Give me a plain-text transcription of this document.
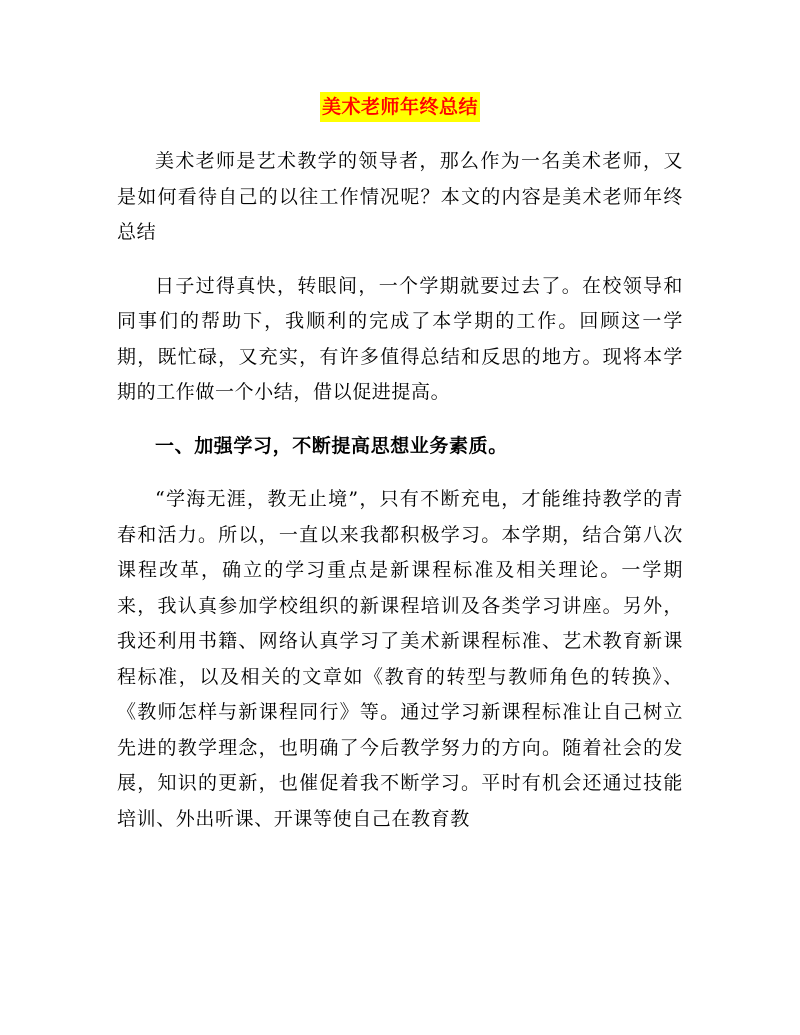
美术老师年终总结

美术老师是艺术教学的领导者，那么作为一名美术老师，又是如何看待自己的以往工作情况呢？本文的内容是美术老师年终总结

日子过得真快，转眼间，一个学期就要过去了。在校领导和同事们的帮助下，我顺利的完成了本学期的工作。回顾这一学期，既忙碌，又充实，有许多值得总结和反思的地方。现将本学期的工作做一个小结，借以促进提高。

一、加强学习，不断提高思想业务素质。

“学海无涯，教无止境”，只有不断充电，才能维持教学的青春和活力。所以，一直以来我都积极学习。本学期，结合第八次课程改革，确立的学习重点是新课程标准及相关理论。一学期来，我认真参加学校组织的新课程培训及各类学习讲座。另外，我还利用书籍、网络认真学习了美术新课程标准、艺术教育新课程标准，以及相关的文章如《教育的转型与教师角色的转换》、《教师怎样与新课程同行》等。通过学习新课程标准让自己树立先进的教学理念，也明确了今后教学努力的方向。随着社会的发展，知识的更新，也催促着我不断学习。平时有机会还通过技能培训、外出听课、开课等使自己在教育教
